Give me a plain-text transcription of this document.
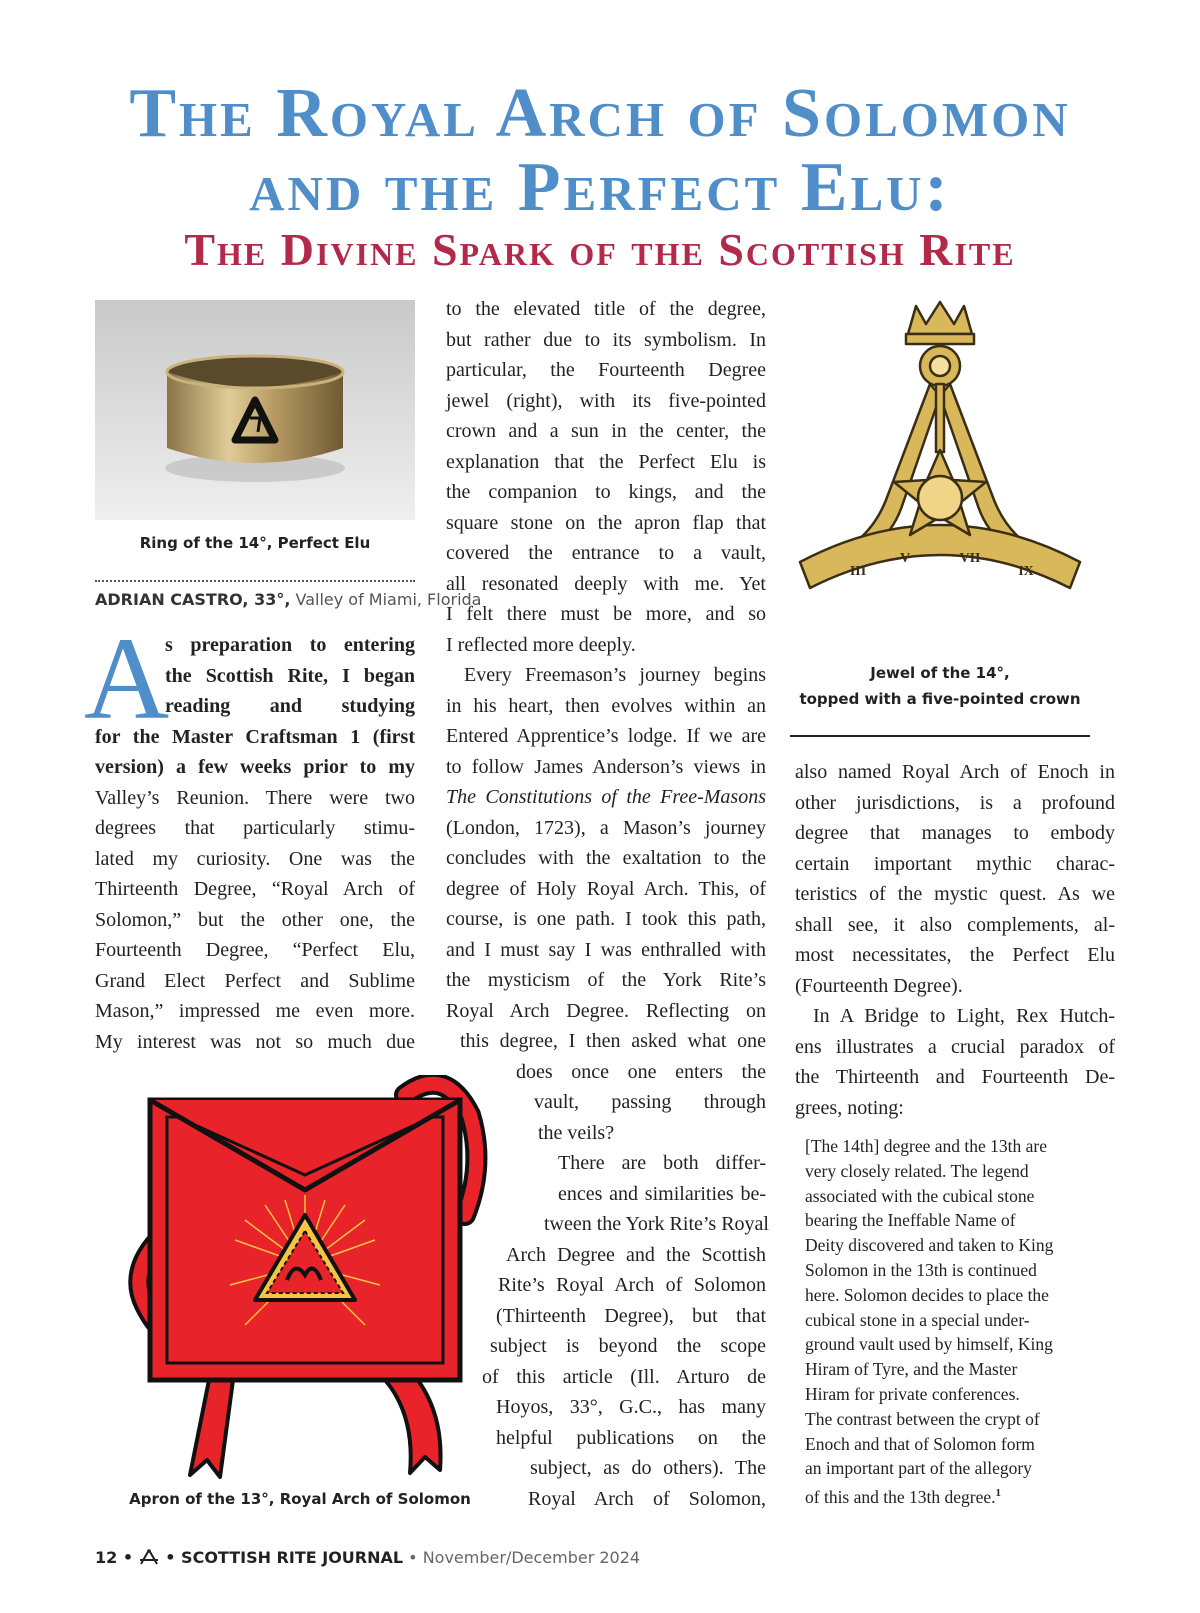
The Royal Arch of Solomon
and the Perfect Elu:
The Divine Spark of the Scottish Rite
Ring of the 14°, Perfect Elu
ADRIAN CASTRO, 33°, Valley of Miami, Florida
A
s preparation to entering
the Scottish Rite, I began
reading and studying
for the Master Craftsman 1 (first
version) a few weeks prior to my
Valley’s Reunion. There were two
degrees that particularly stimu-
lated my curiosity. One was the
Thirteenth Degree, “Royal Arch of
Solomon,” but the other one, the
Fourteenth Degree, “Perfect Elu,
Grand Elect Perfect and Sublime
Mason,” impressed me even more.
My interest was not so much due
Apron of the 13°, Royal Arch of Solomon
to the elevated title of the degree,
but rather due to its symbolism. In
particular, the Fourteenth Degree
jewel (right), with its five-pointed
crown and a sun in the center, the
explanation that the Perfect Elu is
the companion to kings, and the
square stone on the apron flap that
covered the entrance to a vault,
all resonated deeply with me. Yet
I felt there must be more, and so
I reflected more deeply.
Every Freemason’s journey begins
in his heart, then evolves within an
Entered Apprentice’s lodge. If we are
to follow James Anderson’s views in
The Constitutions of the Free-Masons
(London, 1723), a Mason’s journey
concludes with the exaltation to the
degree of Holy Royal Arch. This, of
course, is one path. I took this path,
and I must say I was enthralled with
the mysticism of the York Rite’s
Royal Arch Degree. Reflecting on
this degree, I then asked what one
does once one enters the
vault, passing through
the veils?
There are both differ-
ences and similarities be-
tween the York Rite’s Royal
Arch Degree and the Scottish
Rite’s Royal Arch of Solomon
(Thirteenth Degree), but that
subject is beyond the scope
of this article (Ill. Arturo de
Hoyos, 33°, G.C., has many
helpful publications on the
subject, as do others). The
Royal Arch of Solomon,
III
V	VII
IX
Jewel of the 14°,
topped with a five-pointed crown
also named Royal Arch of Enoch in
other jurisdictions, is a profound
degree that manages to embody
certain important mythic charac-
teristics of the mystic quest. As we
shall see, it also complements, al-
most necessitates, the Perfect Elu
(Fourteenth Degree).
In A Bridge to Light, Rex Hutch-
ens illustrates a crucial paradox of
the Thirteenth and Fourteenth De-
grees, noting:
[The 14th] degree and the 13th are
very closely related. The legend
associated with the cubical stone
bearing the Ineffable Name of
Deity discovered and taken to King
Solomon in the 13th is continued
here. Solomon decides to place the
cubical stone in a special under-
ground vault used by himself, King
Hiram of Tyre, and the Master
Hiram for private conferences.
The contrast between the crypt of
Enoch and that of Solomon form
an important part of the allegory
of this and the 13th degree.$^1$
12 • • SCOTTISH RITE JOURNAL • November/December 2024
